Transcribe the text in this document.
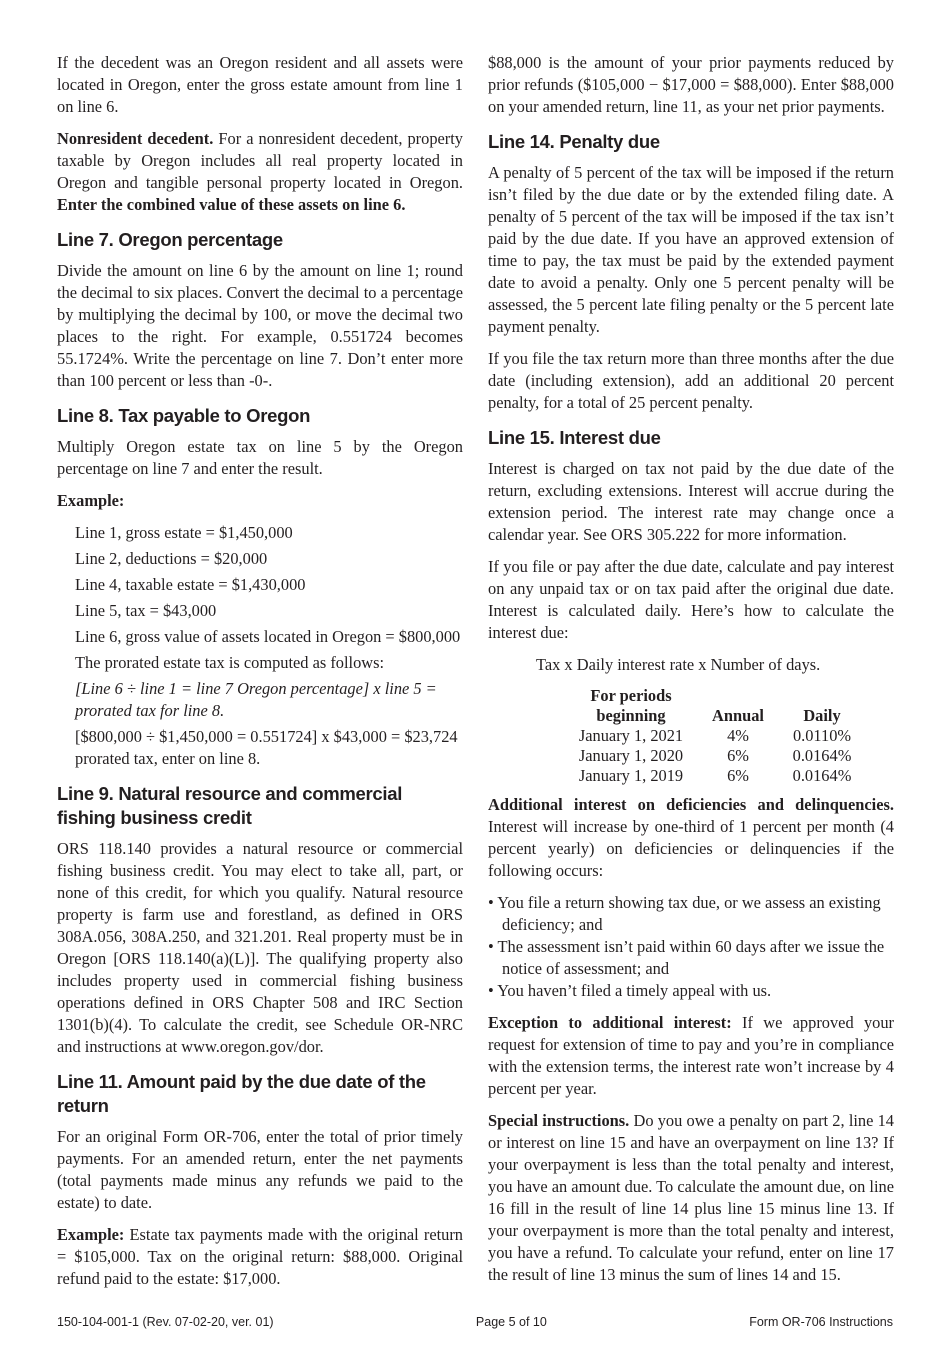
If the decedent was an Oregon resident and all assets were located in Oregon, enter the gross estate amount from line 1 on line 6.

Nonresident decedent. For a nonresident decedent, property taxable by Oregon includes all real property located in Oregon and tangible personal property located in Oregon. Enter the combined value of these assets on line 6.

Line 7. Oregon percentage

Divide the amount on line 6 by the amount on line 1; round the decimal to six places. Convert the decimal to a percentage by multiplying the decimal by 100, or move the decimal two places to the right. For example, 0.551724 becomes 55.1724%. Write the percentage on line 7. Don’t enter more than 100 percent or less than -0-.

Line 8. Tax payable to Oregon

Multiply Oregon estate tax on line 5 by the Oregon percentage on line 7 and enter the result.

Example:

Line 1, gross estate = $1,450,000

Line 2, deductions = $20,000

Line 4, taxable estate = $1,430,000

Line 5, tax = $43,000

Line 6, gross value of assets located in Oregon = $800,000

The prorated estate tax is computed as follows:

[Line 6 ÷ line 1 = line 7 Oregon percentage] x line 5 = prorated tax for line 8.

[$800,000 ÷ $1,450,000 = 0.551724] x $43,000 = $23,724 prorated tax, enter on line 8.

Line 9. Natural resource and commercial fishing business credit

ORS 118.140 provides a natural resource or commercial fishing business credit. You may elect to take all, part, or none of this credit, for which you qualify. Natural resource property is farm use and forestland, as defined in ORS 308A.056, 308A.250, and 321.201. Real property must be in Oregon [ORS 118.140(a)(L)]. The qualifying property also includes property used in commercial fishing business operations defined in ORS Chapter 508 and IRC Section 1301(b)(4). To calculate the credit, see Schedule OR-NRC and instructions at www.oregon.gov/dor.

Line 11. Amount paid by the due date of the return

For an original Form OR-706, enter the total of prior timely payments. For an amended return, enter the net payments (total payments made minus any refunds we paid to the estate) to date.

Example: Estate tax payments made with the original return = $105,000. Tax on the original return: $88,000. Original refund paid to the estate: $17,000.

$88,000 is the amount of your prior payments reduced by prior refunds ($105,000 − $17,000 = $88,000). Enter $88,000 on your amended return, line 11, as your net prior payments.

Line 14. Penalty due

A penalty of 5 percent of the tax will be imposed if the return isn’t filed by the due date or by the extended filing date. A penalty of 5 percent of the tax will be imposed if the tax isn’t paid by the due date. If you have an approved extension of time to pay, the tax must be paid by the extended payment date to avoid a penalty. Only one 5 percent penalty will be assessed, the 5 percent late filing penalty or the 5 percent late payment penalty.

If you file the tax return more than three months after the due date (including extension), add an additional 20 percent penalty, for a total of 25 percent penalty.

Line 15. Interest due

Interest is charged on tax not paid by the due date of the return, excluding extensions. Interest will accrue during the extension period. The interest rate may change once a calendar year. See ORS 305.222 for more information.

If you file or pay after the due date, calculate and pay interest on any unpaid tax or on tax paid after the original due date. Interest is calculated daily. Here’s how to calculate the interest due:

Tax x Daily interest rate x Number of days.

For periods beginning	Annual	Daily
January 1, 2021	4%	0.0110%
January 1, 2020	6%	0.0164%
January 1, 2019	6%	0.0164%

Additional interest on deficiencies and delinquencies. Interest will increase by one-third of 1 percent per month (4 percent yearly) on deficiencies or delinquencies if the following occurs:

• You file a return showing tax due, or we assess an existing deficiency; and

• The assessment isn’t paid within 60 days after we issue the notice of assessment; and

• You haven’t filed a timely appeal with us.

Exception to additional interest: If we approved your request for extension of time to pay and you’re in compliance with the extension terms, the interest rate won’t increase by 4 percent per year.

Special instructions. Do you owe a penalty on part 2, line 14 or interest on line 15 and have an overpayment on line 13? If your overpayment is less than the total penalty and interest, you have an amount due. To calculate the amount due, on line 16 fill in the result of line 14 plus line 15 minus line 13. If your overpayment is more than the total penalty and interest, you have a refund. To calculate your refund, enter on line 17 the result of line 13 minus the sum of lines 14 and 15.

150-104-001-1 (Rev. 07-02-20, ver. 01)	Page 5 of 10	Form OR-706 Instructions
